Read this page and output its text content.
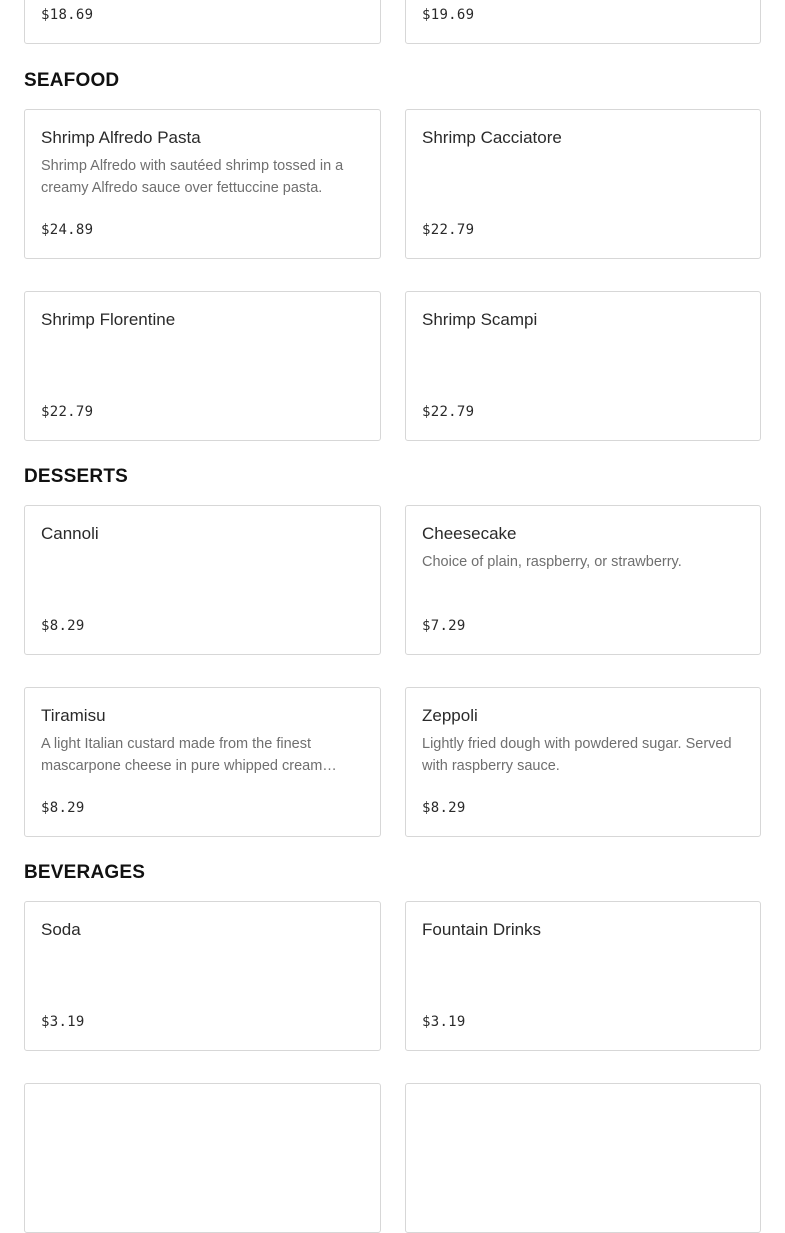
$18.69	$19.69
SEAFOOD
Shrimp Alfredo Pasta
Shrimp Alfredo with sautéed shrimp tossed in a creamy Alfredo sauce over fettuccine pasta.
$24.89
Shrimp Cacciatore
$22.79
Shrimp Florentine
$22.79
Shrimp Scampi
$22.79
DESSERTS
Cannoli
$8.29
Cheesecake
Choice of plain, raspberry, or strawberry.
$7.29
Tiramisu
A light Italian custard made from the finest mascarpone cheese in pure whipped cream…
$8.29
Zeppoli
Lightly fried dough with powdered sugar. Served with raspberry sauce.
$8.29
BEVERAGES
Soda
$3.19
Fountain Drinks
$3.19
